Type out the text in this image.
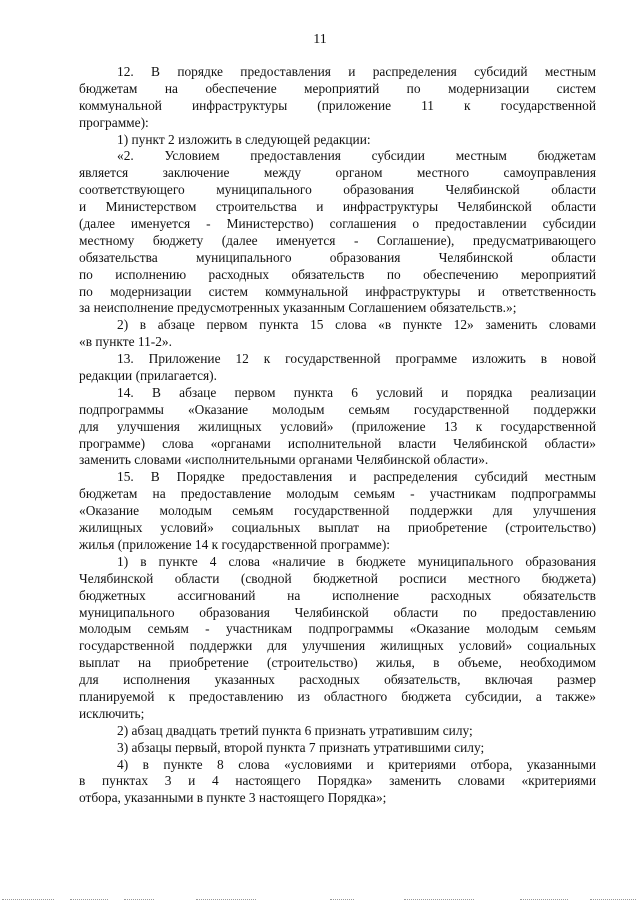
11
12. В порядке предоставления и распределения субсидий местным
бюджетам на обеспечение мероприятий по модернизации систем
коммунальной инфраструктуры (приложение 11 к государственной
программе):
1) пункт 2 изложить в следующей редакции:
«2. Условием предоставления субсидии местным бюджетам
является заключение между органом местного самоуправления
соответствующего муниципального образования Челябинской области
и Министерством строительства и инфраструктуры Челябинской области
(далее именуется - Министерство) соглашения о предоставлении субсидии
местному бюджету (далее именуется - Соглашение), предусматривающего
обязательства муниципального образования Челябинской области
по исполнению расходных обязательств по обеспечению мероприятий
по модернизации систем коммунальной инфраструктуры и ответственность
за неисполнение предусмотренных указанным Соглашением обязательств.»;
2) в абзаце первом пункта 15 слова «в пункте 12» заменить словами
«в пункте 11-2».
13. Приложение 12 к государственной программе изложить в новой
редакции (прилагается).
14. В абзаце первом пункта 6 условий и порядка реализации
подпрограммы «Оказание молодым семьям государственной поддержки
для улучшения жилищных условий» (приложение 13 к государственной
программе) слова «органами исполнительной власти Челябинской области»
заменить словами «исполнительными органами Челябинской области».
15. В Порядке предоставления и распределения субсидий местным
бюджетам на предоставление молодым семьям - участникам подпрограммы
«Оказание молодым семьям государственной поддержки для улучшения
жилищных условий» социальных выплат на приобретение (строительство)
жилья (приложение 14 к государственной программе):
1) в пункте 4 слова «наличие в бюджете муниципального образования
Челябинской области (сводной бюджетной росписи местного бюджета)
бюджетных ассигнований на исполнение расходных обязательств
муниципального образования Челябинской области по предоставлению
молодым семьям - участникам подпрограммы «Оказание молодым семьям
государственной поддержки для улучшения жилищных условий» социальных
выплат на приобретение (строительство) жилья, в объеме, необходимом
для исполнения указанных расходных обязательств, включая размер
планируемой к предоставлению из областного бюджета субсидии, а также»
исключить;
2) абзац двадцать третий пункта 6 признать утратившим силу;
3) абзацы первый, второй пункта 7 признать утратившими силу;
4) в пункте 8 слова «условиями и критериями отбора, указанными
в пунктах 3 и 4 настоящего Порядка» заменить словами «критериями
отбора, указанными в пункте 3 настоящего Порядка»;
